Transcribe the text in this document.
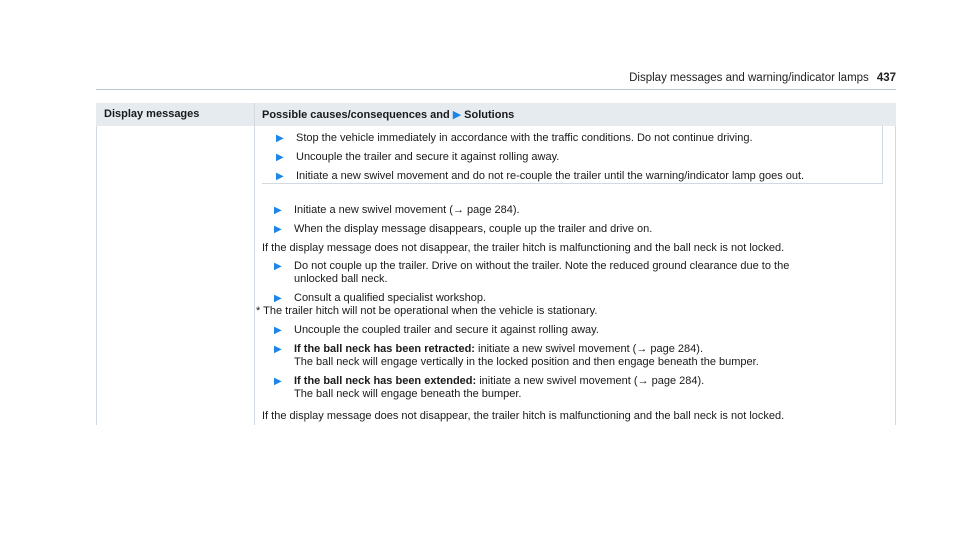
Display messages and warning/indicator lamps 437
Display messages	Possible causes/consequences and ▶ Solutions
▶ Stop the vehicle immediately in accordance with the traffic conditions. Do not continue driving.
▶ Uncouple the trailer and secure it against rolling away.
▶ Initiate a new swivel movement and do not re-couple the trailer until the warning/indicator lamp goes out.
▶ Initiate a new swivel movement (→ page 284).
▶ When the display message disappears, couple up the trailer and drive on.
If the display message does not disappear, the trailer hitch is malfunctioning and the ball neck is not locked.
▶ Do not couple up the trailer. Drive on without the trailer. Note the reduced ground clearance due to the
unlocked ball neck.
▶ Consult a qualified specialist workshop.
* The trailer hitch will not be operational when the vehicle is stationary.
▶ Uncouple the coupled trailer and secure it against rolling away.
▶ If the ball neck has been retracted: initiate a new swivel movement (→ page 284).
The ball neck will engage vertically in the locked position and then engage beneath the bumper.
▶ If the ball neck has been extended: initiate a new swivel movement (→ page 284).
The ball neck will engage beneath the bumper.
If the display message does not disappear, the trailer hitch is malfunctioning and the ball neck is not locked.
